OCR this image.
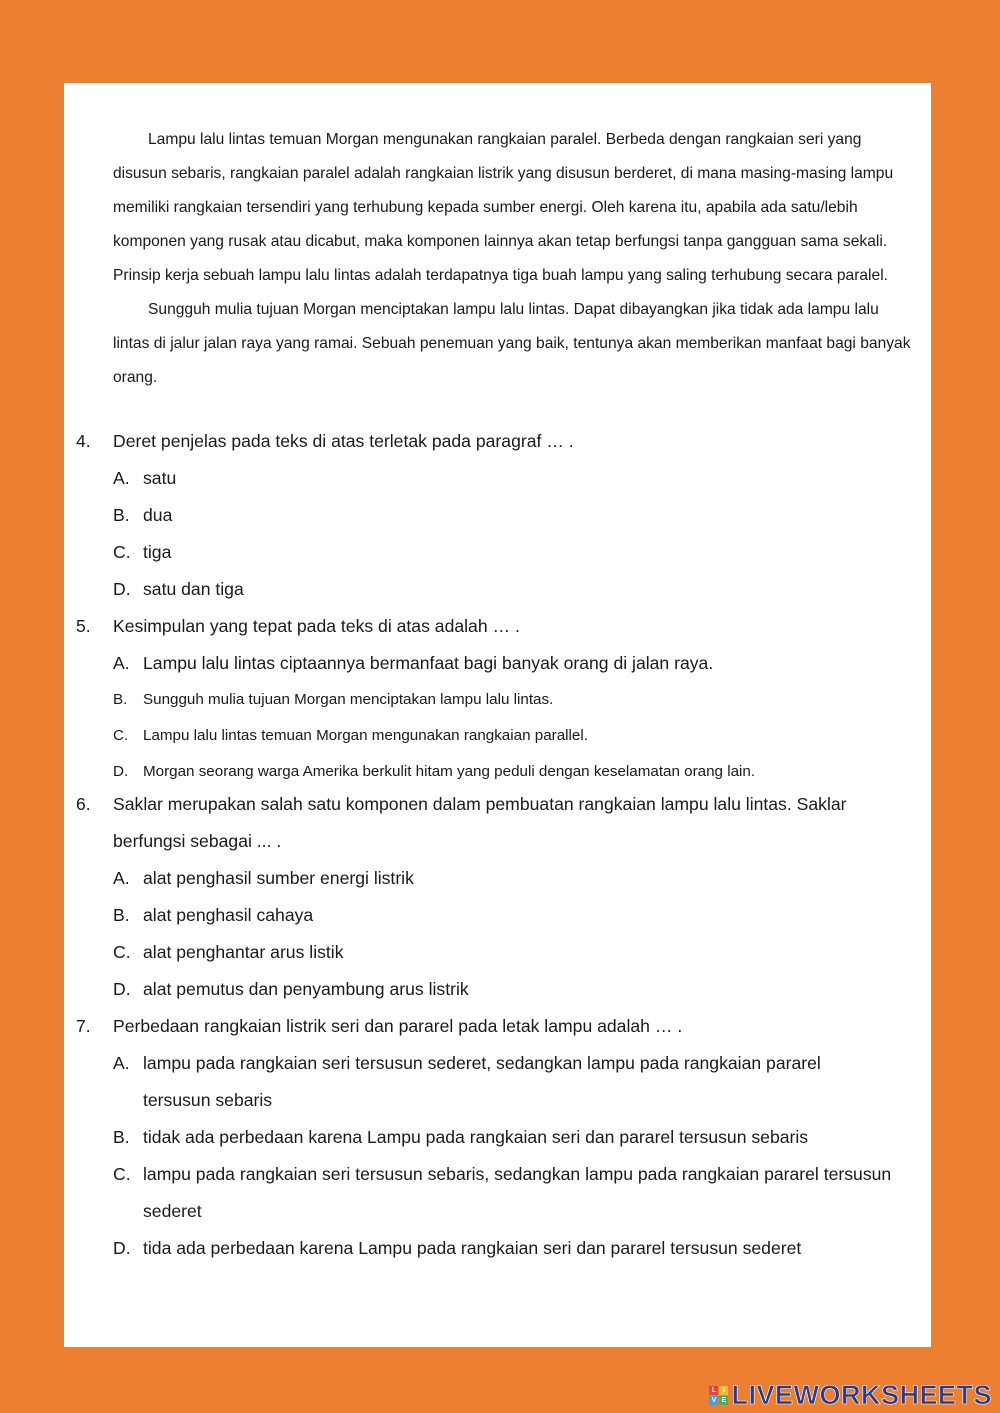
Lampu lalu lintas temuan Morgan mengunakan rangkaian paralel. Berbeda dengan rangkaian seri yang disusun sebaris, rangkaian paralel adalah rangkaian listrik yang disusun berderet, di mana masing-masing lampu memiliki rangkaian tersendiri yang terhubung kepada sumber energi. Oleh karena itu, apabila ada satu/lebih komponen yang rusak atau dicabut, maka komponen lainnya akan tetap berfungsi tanpa gangguan sama sekali. Prinsip kerja sebuah lampu lalu lintas adalah terdapatnya tiga buah lampu yang saling terhubung secara paralel.

Sungguh mulia tujuan Morgan menciptakan lampu lalu lintas. Dapat dibayangkan jika tidak ada lampu lalu lintas di jalur jalan raya yang ramai. Sebuah penemuan yang baik, tentunya akan memberikan manfaat bagi banyak orang.

4. Deret penjelas pada teks di atas terletak pada paragraf … .
A. satu
B. dua
C. tiga
D. satu dan tiga
5. Kesimpulan yang tepat pada teks di atas adalah … .
A. Lampu lalu lintas ciptaannya bermanfaat bagi banyak orang di jalan raya.
B. Sungguh mulia tujuan Morgan menciptakan lampu lalu lintas.
C. Lampu lalu lintas temuan Morgan mengunakan rangkaian parallel.
D. Morgan seorang warga Amerika berkulit hitam yang peduli dengan keselamatan orang lain.
6. Saklar merupakan salah satu komponen dalam pembuatan rangkaian lampu lalu lintas. Saklar berfungsi sebagai ... .
A. alat penghasil sumber energi listrik
B. alat penghasil cahaya
C. alat penghantar arus listik
D. alat pemutus dan penyambung arus listrik
7. Perbedaan rangkaian listrik seri dan pararel pada letak lampu adalah … .
A. lampu pada rangkaian seri tersusun sederet, sedangkan lampu pada rangkaian pararel tersusun sebaris
B. tidak ada perbedaan karena Lampu pada rangkaian seri dan pararel tersusun sebaris
C. lampu pada rangkaian seri tersusun sebaris, sedangkan lampu pada rangkaian pararel tersusun sederet
D. tida ada perbedaan karena Lampu pada rangkaian seri dan pararel tersusun sederet
L I
V E LIVEWORKSHEETS
